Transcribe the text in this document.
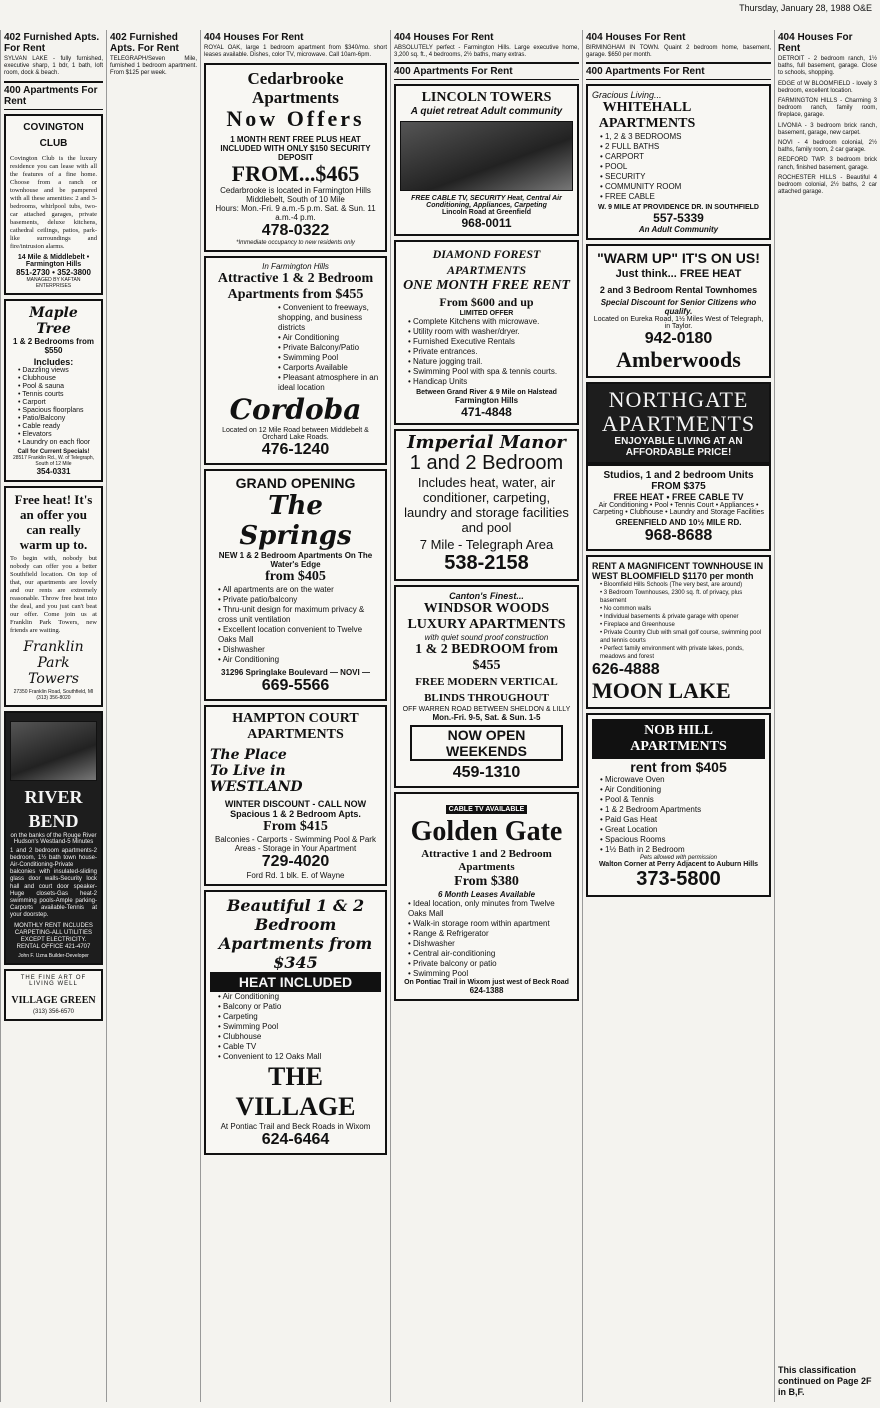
Thursday, January 28, 1988 O&E
402 Furnished Apts. For Rent
SYLVAN LAKE - fully furnished, executive sharp, 1 bdr, 1 bath, loft room, dock & beach.
400 Apartments For Rent
COVINGTON CLUB
Covington Club is the luxury residence you can lease with all the features of a fine home. Choose from a ranch or townhouse and be pampered with all these amenities: 2 and 3-bedrooms, whirlpool tubs, two-car attached garages, private basements, deluxe kitchens, cathedral ceilings, patios, park-like surroundings and fire/intrusion alarms.
14 Mile & Middlebelt • Farmington Hills
851-2730 • 352-3800
MANAGED BY KAFTAN ENTERPRISES
Maple Tree
1 & 2 Bedrooms from $550
Includes:
• Dazzling views
• Clubhouse
• Pool & sauna
• Tennis courts
• Carport
• Spacious floorplans
• Patio/Balcony
• Cable ready
• Elevators
• Laundry on each floor
Call for Current Specials!
28517 Franklin Rd., W. of Telegraph, South of 12 Mile
354-0331
Free heat! It's an offer you can really warm up to.
To begin with, nobody but nobody can offer you a better Southfield location. On top of that, our apartments are lovely and our rents are extremely reasonable. Throw free heat into the deal, and you just can't beat our offer. Come join us at Franklin Park Towers, new friends are waiting.
Franklin Park Towers
27350 Franklin Road, Southfield, MI (313) 356-8020
RIVER BEND
on the banks of the Rouge River Hudson's Westland-5 Minutes
1 and 2 bedroom apartments-2 bedroom, 1½ bath town house-Air-Conditioning-Private balconies with insulated-sliding glass door walls-Security lock hall and court door speaker-Huge closets-Gas heat-2 swimming pools-Ample parking-Carports available-Tennis at your doorstep.
MONTHLY RENT INCLUDES CARPETING-ALL UTILITIES EXCEPT ELECTRICITY. RENTAL OFFICE 421-4707
John F. Uzna Builder-Developer
THE FINE ART OF LIVING WELL
VILLAGE GREEN
(313) 356-6570
402 Furnished Apts. For Rent
TELEGRAPH/Seven Mile, furnished 1 bedroom apartment. From $125 per week.
404 Houses For Rent
ROYAL OAK, large 1 bedroom apartment from $340/mo. short leases available. Dishes, color TV, microwave. Call 10am-6pm.
Cedarbrooke Apartments
Now Offers
1 MONTH RENT FREE PLUS HEAT INCLUDED WITH ONLY $150 SECURITY DEPOSIT
FROM...$465
Cedarbrooke is located in Farmington Hills
Middlebelt, South of 10 Mile
Hours: Mon.-Fri. 9 a.m.-5 p.m. Sat. & Sun. 11 a.m.-4 p.m.
478-0322
*Immediate occupancy to new residents only
In Farmington Hills
Attractive 1 & 2 Bedroom Apartments from $455
• Convenient to freeways, shopping, and business districts
• Air Conditioning
• Private Balcony/Patio
• Swimming Pool
• Carports Available
• Pleasant atmosphere in an ideal location
Cordoba
Located on 12 Mile Road between Middlebelt & Orchard Lake Roads.
476-1240
GRAND OPENING
The Springs
NEW 1 & 2 Bedroom Apartments On The Water's Edge
from $405
• All apartments are on the water
• Private patio/balcony
• Thru-unit design for maximum privacy & cross unit ventilation
• Excellent location convenient to Twelve Oaks Mall
• Dishwasher
• Air Conditioning
31296 Springlake Boulevard — NOVI —
669-5566
HAMPTON COURT APARTMENTS
The Place To Live in WESTLAND
WINTER DISCOUNT - CALL NOW Spacious 1 & 2 Bedroom Apts.
From $415
Balconies - Carports - Swimming Pool & Park Areas - Storage in Your Apartment
729-4020
Ford Rd. 1 blk. E. of Wayne
Beautiful 1 & 2 Bedroom Apartments from $345
HEAT INCLUDED
• Air Conditioning
• Balcony or Patio
• Carpeting
• Swimming Pool
• Clubhouse
• Cable TV
• Convenient to 12 Oaks Mall
THE VILLAGE
At Pontiac Trail and Beck Roads in Wixom
624-6464
404 Houses For Rent
ABSOLUTELY perfect - Farmington Hills. Large executive home, 3,200 sq. ft., 4 bedrooms, 2½ baths, many extras.
400 Apartments For Rent
LINCOLN TOWERS
A quiet retreat Adult community
FREE CABLE TV, SECURITY Heat, Central Air Conditioning, Appliances, Carpeting
Lincoln Road at Greenfield
968-0011
DIAMOND FOREST APARTMENTS
ONE MONTH FREE RENT
From $600 and up
LIMITED OFFER
• Complete Kitchens with microwave.
• Utility room with washer/dryer.
• Furnished Executive Rentals
• Private entrances.
• Nature jogging trail.
• Swimming Pool with spa & tennis courts.
• Handicap Units
Between Grand River & 9 Mile on Halstead
Farmington Hills
471-4848
Imperial Manor
1 and 2 Bedroom
Includes heat, water, air conditioner, carpeting, laundry and storage facilities and pool
7 Mile - Telegraph Area
538-2158
Canton's Finest...
WINDSOR WOODS LUXURY APARTMENTS
with quiet sound proof construction
1 & 2 BEDROOM from $455
FREE MODERN VERTICAL BLINDS THROUGHOUT
OFF WARREN ROAD BETWEEN SHELDON & LILLY
Mon.-Fri. 9-5, Sat. & Sun. 1-5
NOW OPEN WEEKENDS
459-1310
CABLE TV AVAILABLE
Golden Gate
Attractive 1 and 2 Bedroom Apartments
From $380
6 Month Leases Available
• Ideal location, only minutes from Twelve Oaks Mall
• Walk-in storage room within apartment
• Range & Refrigerator
• Dishwasher
• Central air-conditioning
• Private balcony or patio
• Swimming Pool
On Pontiac Trail in Wixom just west of Beck Road
624-1388
404 Houses For Rent
BIRMINGHAM IN TOWN. Quaint 2 bedroom home, basement, garage. $650 per month.
400 Apartments For Rent
Gracious Living...
WHITEHALL APARTMENTS
• 1, 2 & 3 BEDROOMS
• 2 FULL BATHS
• CARPORT
• POOL
• SECURITY
• COMMUNITY ROOM
• FREE CABLE
W. 9 MILE AT PROVIDENCE DR. IN SOUTHFIELD
557-5339
An Adult Community
"WARM UP" IT'S ON US!
Just think... FREE HEAT
2 and 3 Bedroom Rental Townhomes
Special Discount for Senior Citizens who qualify.
Located on Eureka Road, 1½ Miles West of Telegraph, in Taylor.
942-0180
Amberwoods
NORTHGATE APARTMENTS
ENJOYABLE LIVING AT AN AFFORDABLE PRICE!
Studios, 1 and 2 bedroom Units FROM $375
FREE HEAT • FREE CABLE TV
Air Conditioning • Pool • Tennis Court • Appliances • Carpeting • Clubhouse • Laundry and Storage Facilities
GREENFIELD AND 10½ MILE RD.
968-8688
RENT A MAGNIFICENT TOWNHOUSE IN WEST BLOOMFIELD $1170 per month
• Bloomfield Hills Schools (The very best, are around)
• 3 Bedroom Townhouses, 2300 sq. ft. of privacy, plus basement
• No common walls
• Individual basements & private garage with opener
• Fireplace and Greenhouse
• Private Country Club with small golf course, swimming pool and tennis courts
• Perfect family environment with private lakes, ponds, meadows and forest
626-4888
MOON LAKE
NOB HILL APARTMENTS
rent from $405
• Microwave Oven
• Air Conditioning
• Pool & Tennis
• 1 & 2 Bedroom Apartments
• Paid Gas Heat
• Great Location
• Spacious Rooms
• 1½ Bath in 2 Bedroom
Pets allowed with permission
Walton Corner at Perry Adjacent to Auburn Hills
373-5800
404 Houses For Rent
DETROIT - 2 bedroom ranch, 1½ baths, full basement, garage. Close to schools, shopping.
EDGE of W BLOOMFIELD - lovely 3 bedroom, excellent location.
FARMINGTON HILLS - Charming 3 bedroom ranch, family room, fireplace, garage.
LIVONIA - 3 bedroom brick ranch, basement, garage, new carpet.
NOVI - 4 bedroom colonial, 2½ baths, family room, 2 car garage.
REDFORD TWP. 3 bedroom brick ranch, finished basement, garage.
ROCHESTER HILLS - Beautiful 4 bedroom colonial, 2½ baths, 2 car attached garage.
This classification continued on Page 2F in B,F.
